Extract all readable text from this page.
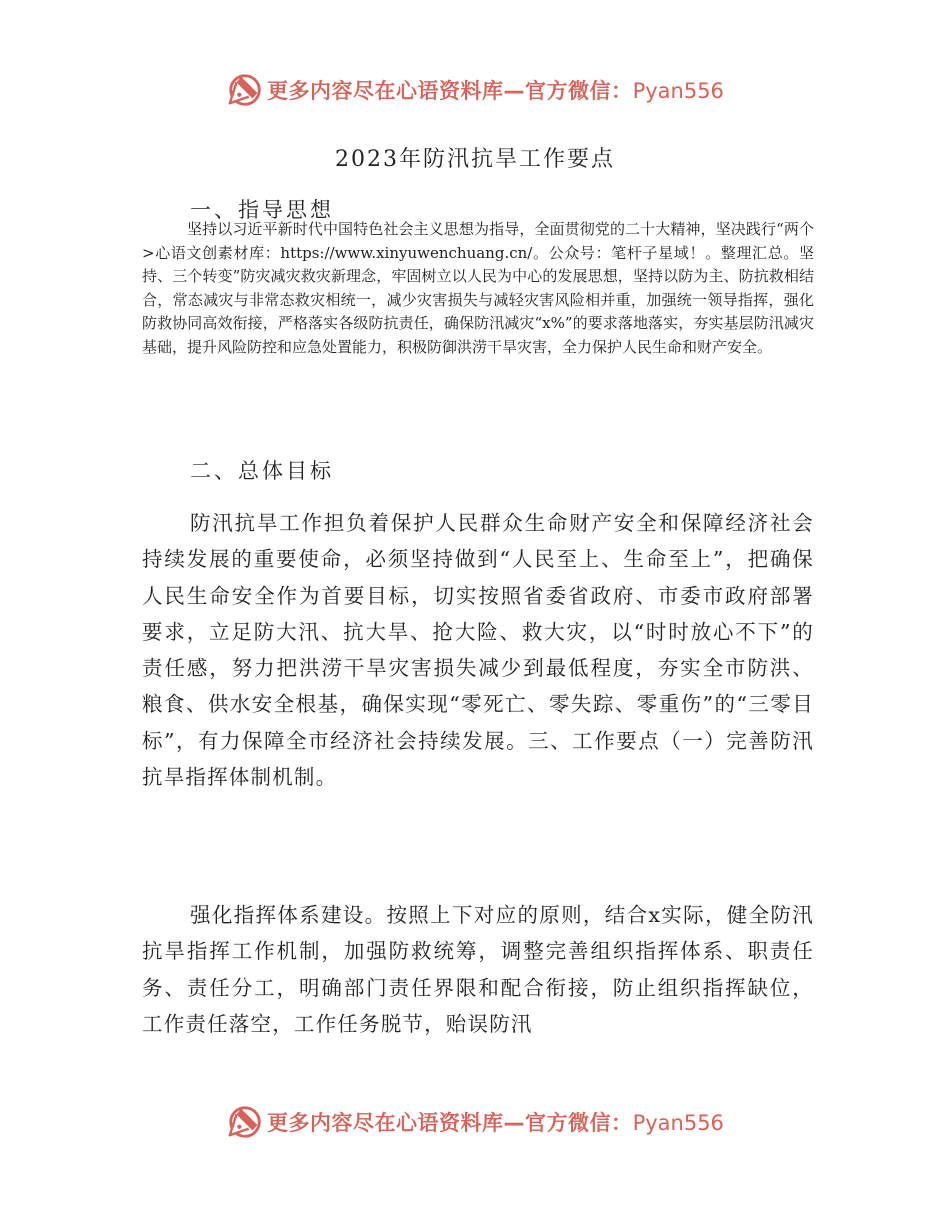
更多内容尽在心语资料库—官方微信：Pyan556
2023年防汛抗旱工作要点
一、指导思想

坚持以习近平新时代中国特色社会主义思想为指导，全面贯彻党的二十大精神，坚决践行“两个>心语文创素材库：https://www.xinyuwenchuang.cn/。公众号：笔杆子星域！。整理汇总。坚持、三个转变”防灾减灾救灾新理念，牢固树立以人民为中心的发展思想，坚持以防为主、防抗救相结合，常态减灾与非常态救灾相统一，减少灾害损失与减轻灾害风险相并重，加强统一领导指挥，强化防救协同高效衔接，严格落实各级防抗责任，确保防汛减灾“x%”的要求落地落实，夯实基层防汛减灾基础，提升风险防控和应急处置能力，积极防御洪涝干旱灾害，全力保护人民生命和财产安全。

二、总体目标

防汛抗旱工作担负着保护人民群众生命财产安全和保障经济社会持续发展的重要使命，必须坚持做到“人民至上、生命至上”，把确保人民生命安全作为首要目标，切实按照省委省政府、市委市政府部署要求，立足防大汛、抗大旱、抢大险、救大灾，以“时时放心不下”的责任感，努力把洪涝干旱灾害损失减少到最低程度，夯实全市防洪、粮食、供水安全根基，确保实现“零死亡、零失踪、零重伤”的“三零目标”，有力保障全市经济社会持续发展。三、工作要点（一）完善防汛抗旱指挥体制机制。

强化指挥体系建设。按照上下对应的原则，结合x实际，健全防汛抗旱指挥工作机制，加强防救统筹，调整完善组织指挥体系、职责任务、责任分工，明确部门责任界限和配合衔接，防止组织指挥缺位，工作责任落空，工作任务脱节，贻误防汛

更多内容尽在心语资料库—官方微信：Pyan556
